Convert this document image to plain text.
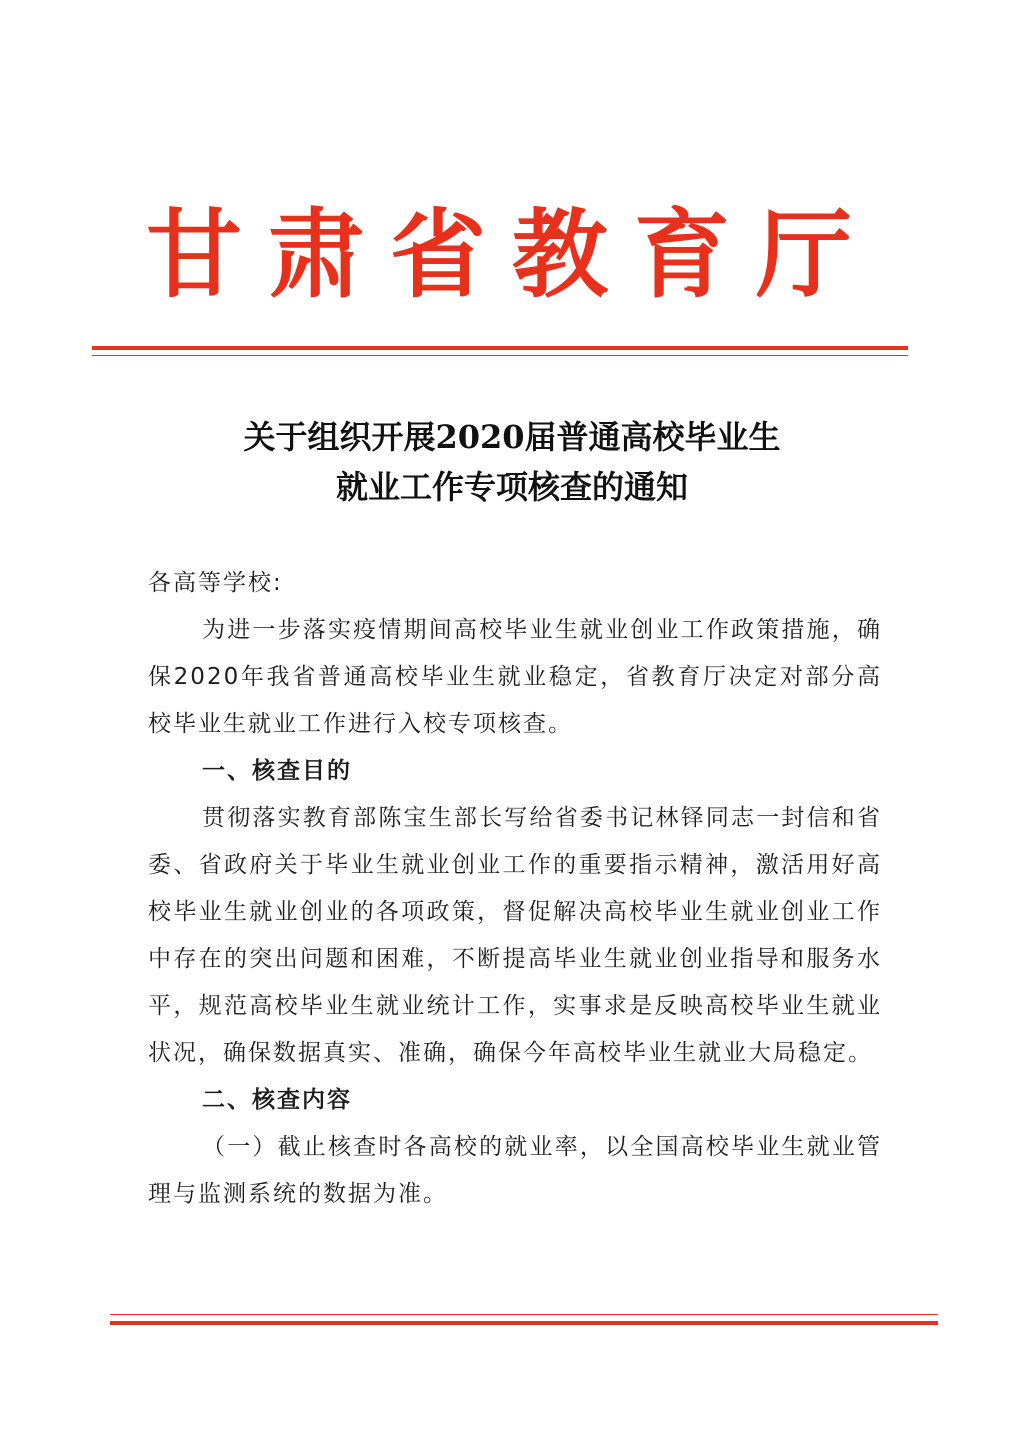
甘肃省教育厅
关于组织开展2020届普通高校毕业生
就业工作专项核查的通知

各高等学校:

为进一步落实疫情期间高校毕业生就业创业工作政策措施，确保2020年我省普通高校毕业生就业稳定，省教育厅决定对部分高校毕业生就业工作进行入校专项核查。

一、核查目的

贯彻落实教育部陈宝生部长写给省委书记林铎同志一封信和省委、省政府关于毕业生就业创业工作的重要指示精神，激活用好高校毕业生就业创业的各项政策，督促解决高校毕业生就业创业工作中存在的突出问题和困难，不断提高毕业生就业创业指导和服务水平，规范高校毕业生就业统计工作，实事求是反映高校毕业生就业状况，确保数据真实、准确，确保今年高校毕业生就业大局稳定。

二、核查内容

（一）截止核查时各高校的就业率，以全国高校毕业生就业管理与监测系统的数据为准。
